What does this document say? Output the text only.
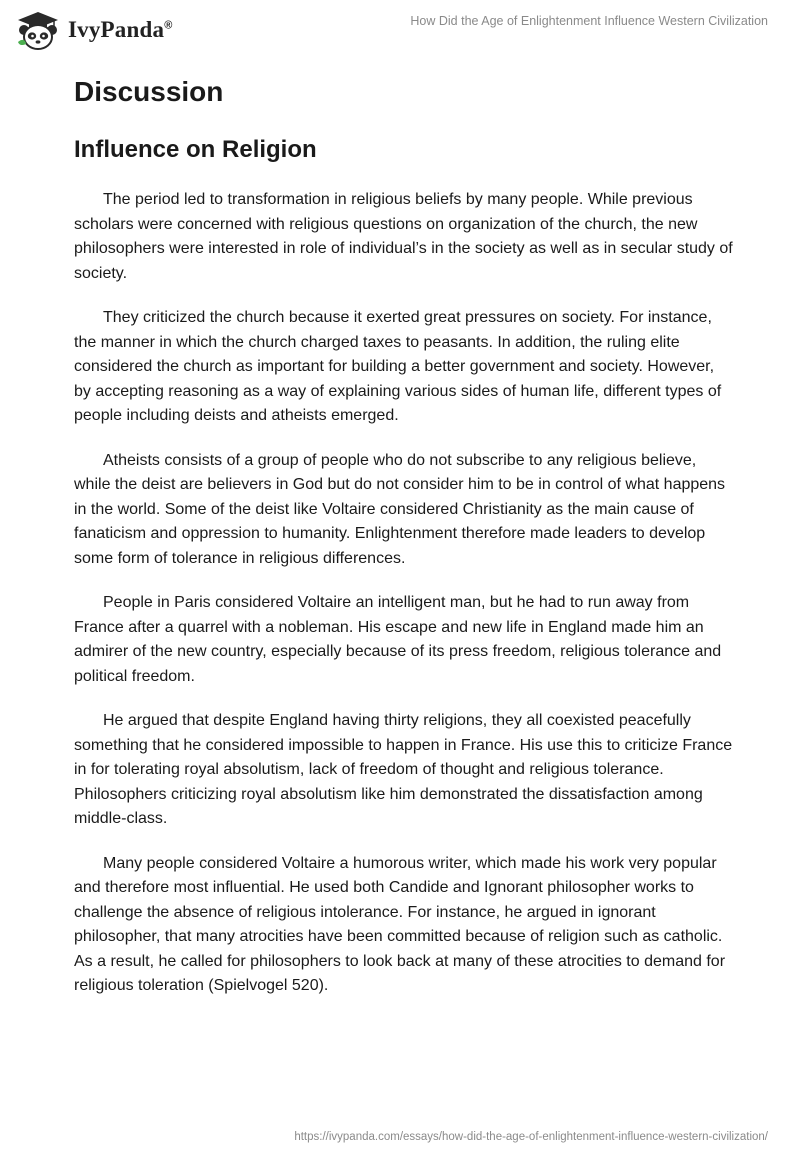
IvyPanda®	How Did the Age of Enlightenment Influence Western Civilization
Discussion
Influence on Religion

The period led to transformation in religious beliefs by many people. While previous scholars were concerned with religious questions on organization of the church, the new philosophers were interested in role of individual’s in the society as well as in secular study of society.

They criticized the church because it exerted great pressures on society. For instance, the manner in which the church charged taxes to peasants. In addition, the ruling elite considered the church as important for building a better government and society. However, by accepting reasoning as a way of explaining various sides of human life, different types of people including deists and atheists emerged.

Atheists consists of a group of people who do not subscribe to any religious believe, while the deist are believers in God but do not consider him to be in control of what happens in the world. Some of the deist like Voltaire considered Christianity as the main cause of fanaticism and oppression to humanity. Enlightenment therefore made leaders to develop some form of tolerance in religious differences.

People in Paris considered Voltaire an intelligent man, but he had to run away from France after a quarrel with a nobleman. His escape and new life in England made him an admirer of the new country, especially because of its press freedom, religious tolerance and political freedom.

He argued that despite England having thirty religions, they all coexisted peacefully something that he considered impossible to happen in France. His use this to criticize France in for tolerating royal absolutism, lack of freedom of thought and religious tolerance. Philosophers criticizing royal absolutism like him demonstrated the dissatisfaction among middle-class.

Many people considered Voltaire a humorous writer, which made his work very popular and therefore most influential. He used both Candide and Ignorant philosopher works to challenge the absence of religious intolerance. For instance, he argued in ignorant philosopher, that many atrocities have been committed because of religion such as catholic. As a result, he called for philosophers to look back at many of these atrocities to demand for religious toleration (Spielvogel 520).

https://ivypanda.com/essays/how-did-the-age-of-enlightenment-influence-western-civilization/
